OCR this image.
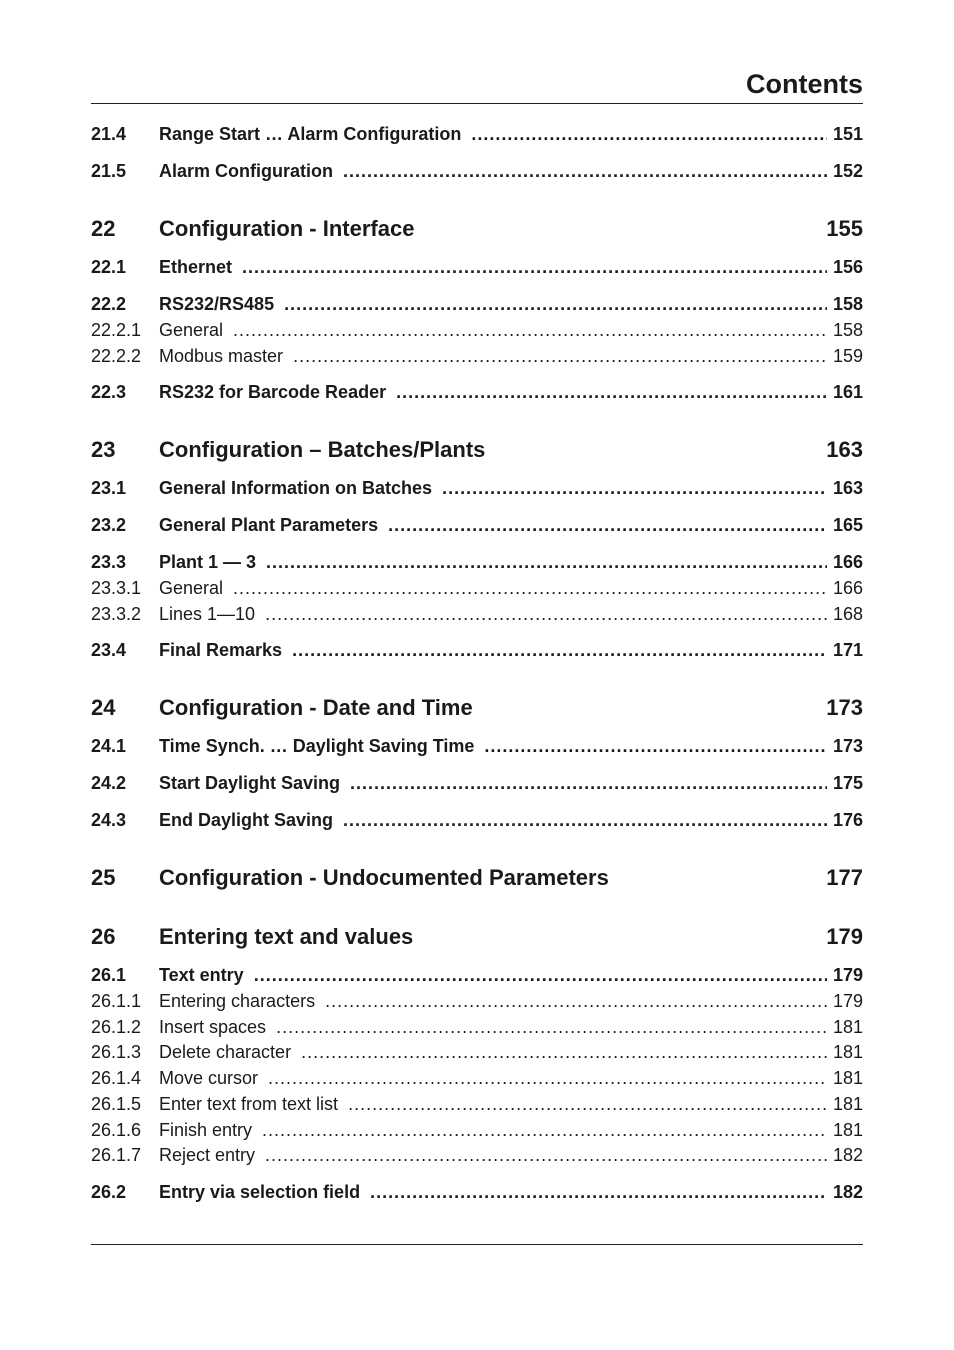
Contents
21.4	Range Start … Alarm Configuration .....	151
21.5	Alarm Configuration .....	152
22	Configuration - Interface	155
22.1	Ethernet .....	156
22.2	RS232/RS485 .....	158
22.2.1 General .....	158
22.2.2 Modbus master .....	159
22.3	RS232 for Barcode Reader .....	161
23	Configuration – Batches/Plants	163
23.1	General Information on Batches .....	163
23.2	General Plant Parameters .....	165
23.3	Plant 1 — 3 .....	166
23.3.1 General .....	166
23.3.2 Lines 1—10 .....	168
23.4	Final Remarks .....	171
24	Configuration - Date and Time	173
24.1	Time Synch. … Daylight Saving Time .....	173
24.2	Start Daylight Saving .....	175
24.3	End Daylight Saving .....	176
25	Configuration - Undocumented Parameters	177
26	Entering text and values	179
26.1	Text entry .....	179
26.1.1 Entering characters .....	179
26.1.2 Insert spaces .....	181
26.1.3 Delete character .....	181
26.1.4 Move cursor .....	181
26.1.5 Enter text from text list .....	181
26.1.6 Finish entry .....	181
26.1.7 Reject entry .....	182
26.2	Entry via selection field .....	182
